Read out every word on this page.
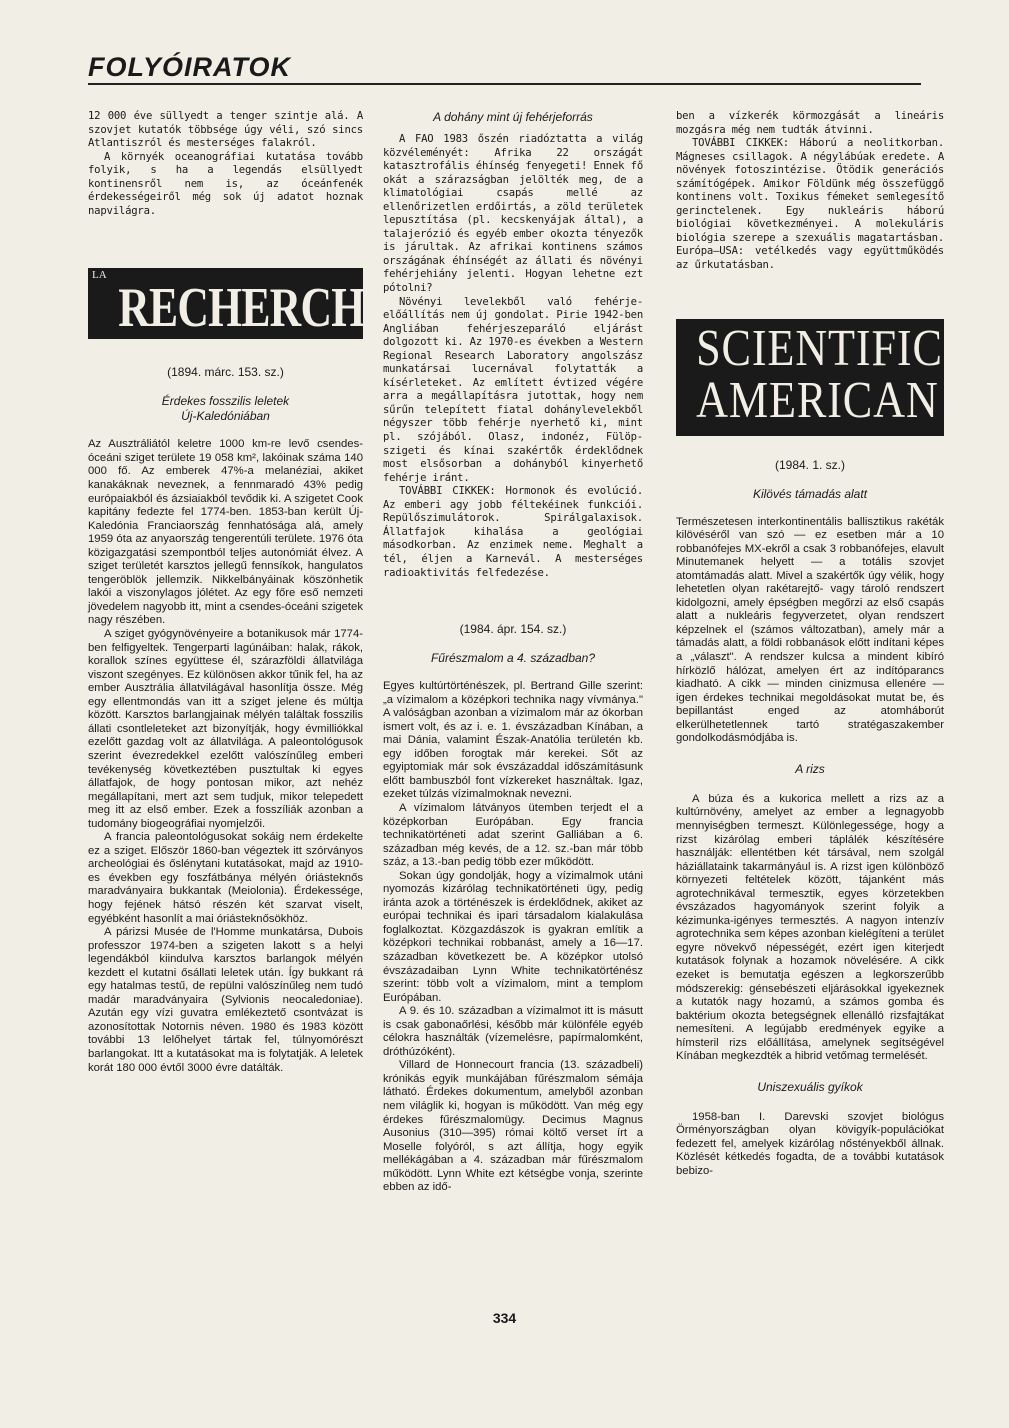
FOLYÓIRATOK

12 000 éve süllyedt a tenger szintje alá. A szovjet kutatók többsége úgy véli, szó sincs Atlantiszról és mesterséges falakról.

A környék oceanográfiai kutatása tovább folyik, s ha a legendás elsüllyedt kontinensről nem is, az óceánfenék érdekességeiről még sok új adatot hoznak napvilágra.

LA
RECHERCHE
(1894. márc. 153. sz.)
Érdekes fosszilis leletek
Új-Kaledóniában

Az Ausztráliától keletre 1000 km-re levő csendes-óceáni sziget területe 19 058 km², lakóinak száma 140 000 fő. Az emberek 47%-a melanéziai, akiket kanakáknak neveznek, a fennmaradó 43% pedig európaiakból és ázsiaiakból tevődik ki. A szigetet Cook kapitány fedezte fel 1774-ben. 1853-ban került Új-Kaledónia Franciaország fennhatósága alá, amely 1959 óta az anyaország tengerentúli területe. 1976 óta közigazgatási szempontból teljes autonómiát élvez. A sziget területét karsztos jellegű fennsíkok, hangulatos tengeröblök jellemzik. Nikkelbányáinak köszönhetik lakói a viszonylagos jólétet. Az egy főre eső nemzeti jövedelem nagyobb itt, mint a csendes-óceáni szigetek nagy részében.

A sziget gyógynövényeire a botanikusok már 1774-ben felfigyeltek. Tengerparti lagúnáiban: halak, rákok, korallok színes együttese él, szárazföldi állatvilága viszont szegényes. Ez különösen akkor tűnik fel, ha az ember Ausztrália állatvilágával hasonlítja össze. Még egy ellentmondás van itt a sziget jelene és múltja között. Karsztos barlangjainak mélyén találtak fosszilis állati csontleleteket azt bizonyítják, hogy évmilliókkal ezelőtt gazdag volt az állatvilága. A paleontológusok szerint évezredekkel ezelőtt valószínűleg emberi tevékenység következtében pusztultak ki egyes állatfajok, de hogy pontosan mikor, azt nehéz megállapítani, mert azt sem tudjuk, mikor telepedett meg itt az első ember. Ezek a fosszíliák azonban a tudomány biogeográfiai nyomjelzői.

A francia paleontológusokat sokáig nem érdekelte ez a sziget. Először 1860-ban végeztek itt szórványos archeológiai és őslénytani kutatásokat, majd az 1910-es években egy foszfátbánya mélyén óriásteknős maradványaira bukkantak (Meiolonia). Érdekessége, hogy fejének hátsó részén két szarvat viselt, egyébként hasonlít a mai óriásteknősökhöz.

A párizsi Musée de l'Homme munkatársa, Dubois professzor 1974-ben a szigeten lakott s a helyi legendákból kiindulva karsztos barlangok mélyén kezdett el kutatni ősállati leletek után. Így bukkant rá egy hatalmas testű, de repülni valószínűleg nem tudó madár maradványaira (Sylvionis neocaledoniae). Azután egy vízi guvatra emlékeztető csontvázat is azonosítottak Notornis néven. 1980 és 1983 között további 13 lelőhelyet tártak fel, túlnyomórészt barlangokat. Itt a kutatásokat ma is folytatják. A leletek korát 180 000 évtől 3000 évre datálták.

A dohány mint új fehérjeforrás

A FAO 1983 őszén riadóztatta a világ közvéleményét: Afrika 22 országát katasztrofális éhínség fenyegeti! Ennek fő okát a szárazságban jelölték meg, de a klimatológiai csapás mellé az ellenőrizetlen erdőirtás, a zöld területek lepusztítása (pl. kecskenyájak által), a talajerózió és egyéb ember okozta tényezők is járultak. Az afrikai kontinens számos országának éhínségét az állati és növényi fehérjehiány jelenti. Hogyan lehetne ezt pótolni?

Növényi levelekből való fehérje-előállítás nem új gondolat. Pirie 1942-ben Angliában fehérjeszeparáló eljárást dolgozott ki. Az 1970-es években a Western Regional Research Laboratory angolszász munkatársai lucernával folytatták a kísérleteket. Az említett évtized végére arra a megállapításra jutottak, hogy nem sűrűn telepített fiatal dohánylevelekből négyszer több fehérje nyerhető ki, mint pl. szójából. Olasz, indonéz, Fülöp-szigeti és kínai szakértők érdeklődnek most elsősorban a dohányból kinyerhető fehérje iránt.

TOVÁBBI CIKKEK: Hormonok és evolúció. Az emberi agy jobb féltekéinek funkciói. Repülőszimulátorok. Spirálgalaxisok. Állatfajok kihalása a geológiai másodkorban. Az enzimek neme. Meghalt a tél, éljen a Karnevál. A mesterséges radioaktivitás felfedezése.

(1984. ápr. 154. sz.)
Fűrészmalom a 4. században?

Egyes kultúrtörténészek, pl. Bertrand Gille szerint: „a vízimalom a középkori technika nagy vívmánya." A valóságban azonban a vízimalom már az ókorban ismert volt, és az i. e. 1. évszázadban Kínában, a mai Dánia, valamint Észak-Anatólia területén kb. egy időben forogtak már kerekei. Sőt az egyiptomiak már sok évszázaddal időszámításunk előtt bambuszból font vízkereket használtak. Igaz, ezeket túlzás vízimalmoknak nevezni.

A vízimalom látványos ütemben terjedt el a középkorban Európában. Egy francia technikatörténeti adat szerint Galliában a 6. században még kevés, de a 12. sz.-ban már több száz, a 13.-ban pedig több ezer működött.

Sokan úgy gondolják, hogy a vízimalmok utáni nyomozás kizárólag technikatörténeti ügy, pedig iránta azok a történészek is érdeklődnek, akiket az európai technikai és ipari társadalom kialakulása foglalkoztat. Közgazdászok is gyakran említik a középkori technikai robbanást, amely a 16—17. században következett be. A középkor utolsó évszázadaiban Lynn White technikatörténész szerint: több volt a vízimalom, mint a templom Európában.

A 9. és 10. században a vízimalmot itt is másutt is csak gabonaőrlési, később már különféle egyéb célokra használták (vízemelésre, papírmalomként, dróthúzóként).

Villard de Honnecourt francia (13. századbeli) krónikás egyik munkájában fűrészmalom sémája látható. Érdekes dokumentum, amelyből azonban nem világlik ki, hogyan is működött. Van még egy érdekes fűrészmalomügy. Decimus Magnus Ausonius (310—395) római költő verset írt a Moselle folyóról, s azt állítja, hogy egyik mellékágában a 4. században már fűrészmalom működött. Lynn White ezt kétségbe vonja, szerinte ebben az idő-

ben a vízkerék körmozgását a lineáris mozgásra még nem tudták átvinni.

TOVÁBBI CIKKEK: Háború a neolitkorban. Mágneses csillagok. A négylábúak eredete. A növények fotoszintézise. Ötödik generációs számítógépek. Amikor Földünk még összefüggő kontinens volt. Toxikus fémeket semlegesítő gerinctelenek. Egy nukleáris háború biológiai következményei. A molekuláris biológia szerepe a szexuális magatartásban. Európa—USA: vetélkedés vagy együttműködés az űrkutatásban.

SCIENTIFIC
AMERICAN
(1984. 1. sz.)
Kilövés támadás alatt

Természetesen interkontinentális ballisztikus rakéták kilövéséről van szó — ez esetben már a 10 robbanófejes MX-ekről a csak 3 robbanófejes, elavult Minutemanek helyett — a totális szovjet atomtámadás alatt. Mivel a szakértők úgy vélik, hogy lehetetlen olyan rakétarejtő- vagy tároló rendszert kidolgozni, amely épségben megőrzi az első csapás alatt a nukleáris fegyverzetet, olyan rendszert képzelnek el (számos változatban), amely már a támadás alatt, a földi robbanások előtt indítani képes a „választ". A rendszer kulcsa a mindent kibíró hírközlő hálózat, amelyen ért az indítóparancs kiadható. A cikk — minden cinizmusa ellenére — igen érdekes technikai megoldásokat mutat be, és bepillantást enged az atomháborút elkerülhetetlennek tartó stratégaszakember gondolkodásmódjába is.

A rizs

A búza és a kukorica mellett a rizs az a kultúrnövény, amelyet az ember a legnagyobb mennyiségben termeszt. Különlegessége, hogy a rizst kizárólag emberi táplálék készítésére használják: ellentétben két társával, nem szolgál háziállataink takarmányául is. A rizst igen különböző környezeti feltételek között, tájanként más agrotechnikával termesztik, egyes körzetekben évszázados hagyományok szerint folyik a kézimunka-igényes termesztés. A nagyon intenzív agrotechnika sem képes azonban kielégíteni a terület egyre növekvő népességét, ezért igen kiterjedt kutatások folynak a hozamok növelésére. A cikk ezeket is bemutatja egészen a legkorszerűbb módszerekig: génsebészeti eljárásokkal igyekeznek a kutatók nagy hozamú, a számos gomba és baktérium okozta betegségnek ellenálló rizsfajtákat nemesíteni. A legújabb eredmények egyike a hímsteril rizs előállítása, amelynek segítségével Kínában megkezdték a hibrid vetőmag termelését.

Uniszexuális gyíkok

1958-ban I. Darevski szovjet biológus Örményországban olyan kövigyík-populációkat fedezett fel, amelyek kizárólag nőstényekből állnak. Közlését kétkedés fogadta, de a további kutatások bebizo-

334
